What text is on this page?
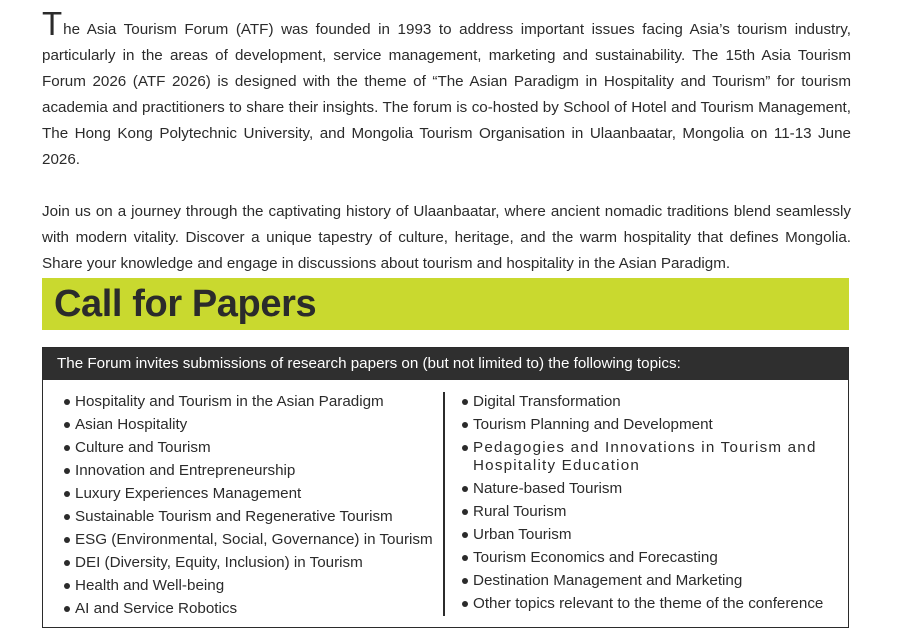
The Asia Tourism Forum (ATF) was founded in 1993 to address important issues facing Asia’s tourism industry, particularly in the areas of development, service management, marketing and sustainability. The 15th Asia Tourism Forum 2026 (ATF 2026) is designed with the theme of “The Asian Paradigm in Hospitality and Tourism” for tourism academia and practitioners to share their insights. The forum is co-hosted by School of Hotel and Tourism Management, The Hong Kong Polytechnic University, and Mongolia Tourism Organisation in Ulaanbaatar, Mongolia on 11-13 June 2026.

Join us on a journey through the captivating history of Ulaanbaatar, where ancient nomadic traditions blend seamlessly with modern vitality. Discover a unique tapestry of culture, heritage, and the warm hospitality that defines Mongolia. Share your knowledge and engage in discussions about tourism and hospitality in the Asian Paradigm.

Call for Papers
The Forum invites submissions of research papers on (but not limited to) the following topics:
Hospitality and Tourism in the Asian Paradigm
Asian Hospitality
Culture and Tourism
Innovation and Entrepreneurship
Luxury Experiences Management
Sustainable Tourism and Regenerative Tourism
ESG (Environmental, Social, Governance) in Tourism
DEI (Diversity, Equity, Inclusion) in Tourism
Health and Well-being
AI and Service Robotics
Digital Transformation
Tourism Planning and Development
Pedagogies and Innovations in Tourism and Hospitality Education
Nature-based Tourism
Rural Tourism
Urban Tourism
Tourism Economics and Forecasting
Destination Management and Marketing
Other topics relevant to the theme of the conference
